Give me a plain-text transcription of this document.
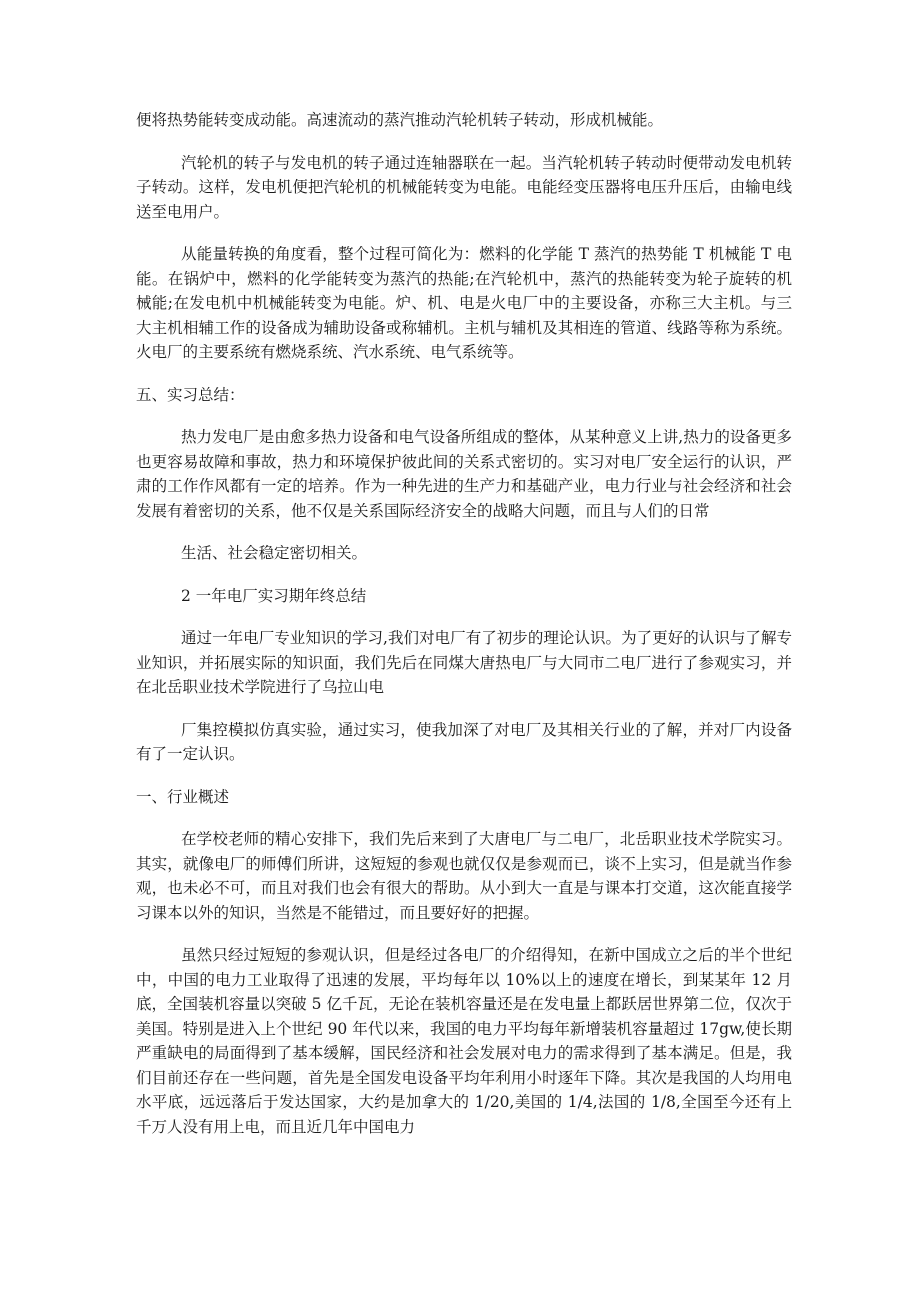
便将热势能转变成动能。高速流动的蒸汽推动汽轮机转子转动，形成机械能。

汽轮机的转子与发电机的转子通过连轴器联在一起。当汽轮机转子转动时便带动发电机转子转动。这样，发电机便把汽轮机的机械能转变为电能。电能经变压器将电压升压后，由输电线送至电用户。

从能量转换的角度看，整个过程可简化为：燃料的化学能 T 蒸汽的热势能 T 机械能 T 电能。在锅炉中，燃料的化学能转变为蒸汽的热能;在汽轮机中，蒸汽的热能转变为轮子旋转的机械能;在发电机中机械能转变为电能。炉、机、电是火电厂中的主要设备，亦称三大主机。与三大主机相辅工作的设备成为辅助设备或称辅机。主机与辅机及其相连的管道、线路等称为系统。火电厂的主要系统有燃烧系统、汽水系统、电气系统等。

五、实习总结：

热力发电厂是由愈多热力设备和电气设备所组成的整体，从某种意义上讲,热力的设备更多也更容易故障和事故，热力和环境保护彼此间的关系式密切的。实习对电厂安全运行的认识，严肃的工作作风都有一定的培养。作为一种先进的生产力和基础产业，电力行业与社会经济和社会发展有着密切的关系，他不仅是关系国际经济安全的战略大问题，而且与人们的日常

生活、社会稳定密切相关。

2 一年电厂实习期年终总结

通过一年电厂专业知识的学习,我们对电厂有了初步的理论认识。为了更好的认识与了解专业知识，并拓展实际的知识面，我们先后在同煤大唐热电厂与大同市二电厂进行了参观实习，并在北岳职业技术学院进行了乌拉山电

厂集控模拟仿真实验，通过实习，使我加深了对电厂及其相关行业的了解，并对厂内设备有了一定认识。

一、行业概述

在学校老师的精心安排下，我们先后来到了大唐电厂与二电厂，北岳职业技术学院实习。其实，就像电厂的师傅们所讲，这短短的参观也就仅仅是参观而已，谈不上实习，但是就当作参观，也未必不可，而且对我们也会有很大的帮助。从小到大一直是与课本打交道，这次能直接学习课本以外的知识，当然是不能错过，而且要好好的把握。

虽然只经过短短的参观认识，但是经过各电厂的介绍得知，在新中国成立之后的半个世纪中，中国的电力工业取得了迅速的发展，平均每年以 10%以上的速度在增长，到某某年 12 月底，全国装机容量以突破 5 亿千瓦，无论在装机容量还是在发电量上都跃居世界第二位，仅次于美国。特别是进入上个世纪 90 年代以来，我国的电力平均每年新增装机容量超过 17gw,使长期严重缺电的局面得到了基本缓解，国民经济和社会发展对电力的需求得到了基本满足。但是，我们目前还存在一些问题，首先是全国发电设备平均年利用小时逐年下降。其次是我国的人均用电水平底，远远落后于发达国家，大约是加拿大的 1/20,美国的 1/4,法国的 1/8,全国至今还有上千万人没有用上电，而且近几年中国电力
